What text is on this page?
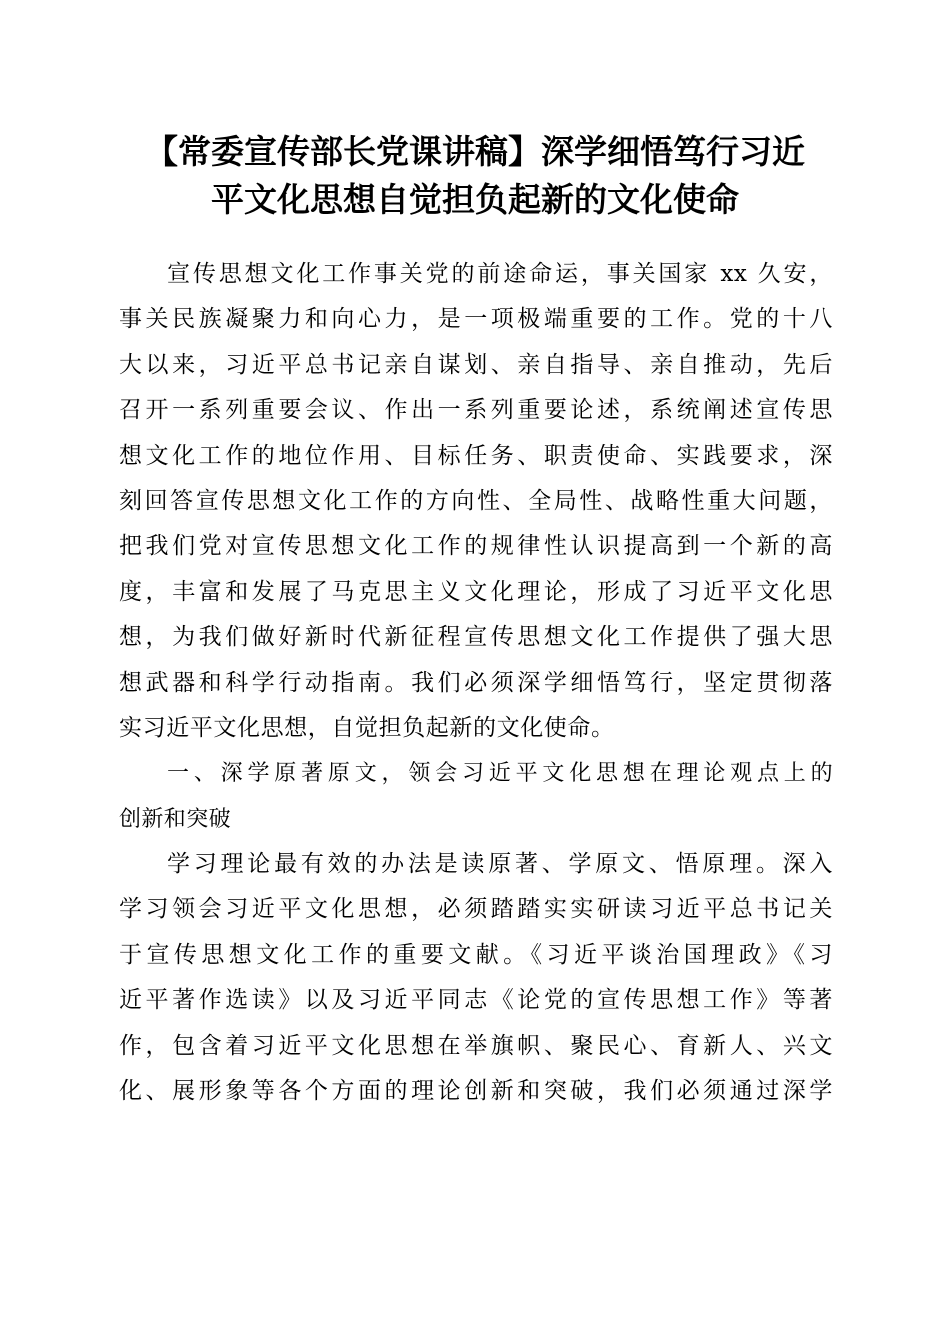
【常委宣传部长党课讲稿】深学细悟笃行习近
平文化思想自觉担负起新的文化使命
宣传思想文化工作事关党的前途命运，事关国家 xx 久安，
事关民族凝聚力和向心力，是一项极端重要的工作。党的十八
大以来，习近平总书记亲自谋划、亲自指导、亲自推动，先后
召开一系列重要会议、作出一系列重要论述，系统阐述宣传思
想文化工作的地位作用、目标任务、职责使命、实践要求，深
刻回答宣传思想文化工作的方向性、全局性、战略性重大问题，
把我们党对宣传思想文化工作的规律性认识提高到一个新的高
度，丰富和发展了马克思主义文化理论，形成了习近平文化思
想，为我们做好新时代新征程宣传思想文化工作提供了强大思
想武器和科学行动指南。我们必须深学细悟笃行，坚定贯彻落
实习近平文化思想，自觉担负起新的文化使命。
一、深学原著原文，领会习近平文化思想在理论观点上的
创新和突破
学习理论最有效的办法是读原著、学原文、悟原理。深入
学习领会习近平文化思想，必须踏踏实实研读习近平总书记关
于宣传思想文化工作的重要文献。《习近平谈治国理政》《习
近平著作选读》以及习近平同志《论党的宣传思想工作》等著
作，包含着习近平文化思想在举旗帜、聚民心、育新人、兴文
化、展形象等各个方面的理论创新和突破，我们必须通过深学
